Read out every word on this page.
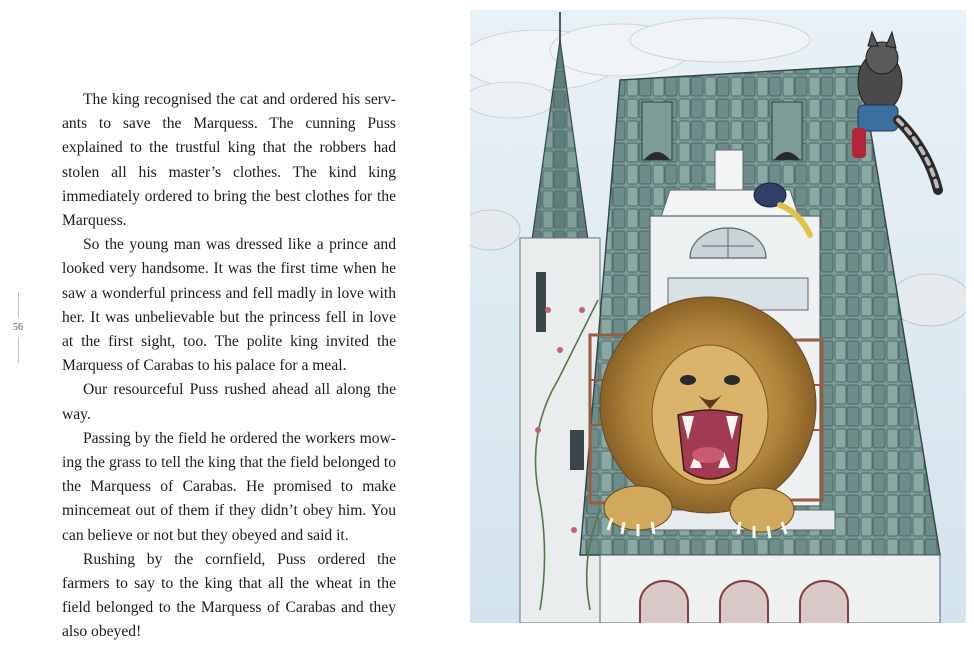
56

The king recognised the cat and ordered his servants to save the Marquess. The cunning Puss explained to the trustful king that the robbers had stolen all his master’s clothes. The kind king immediately ordered to bring the best clothes for the Marquess.

So the young man was dressed like a prince and looked very handsome. It was the first time when he saw a wonderful princess and fell madly in love with her. It was unbelievable but the princess fell in love at the first sight, too. The polite king invited the Marquess of Carabas to his palace for a meal.

Our resourceful Puss rushed ahead all along the way.

Passing by the field he ordered the workers mowing the grass to tell the king that the field belonged to the Marquess of Carabas. He promised to make mincemeat out of them if they didn’t obey him. You can believe or not but they obeyed and said it.

Rushing by the cornfield, Puss ordered the farmers to say to the king that all the wheat in the field belonged to the Marquess of Carabas and they also obeyed!
